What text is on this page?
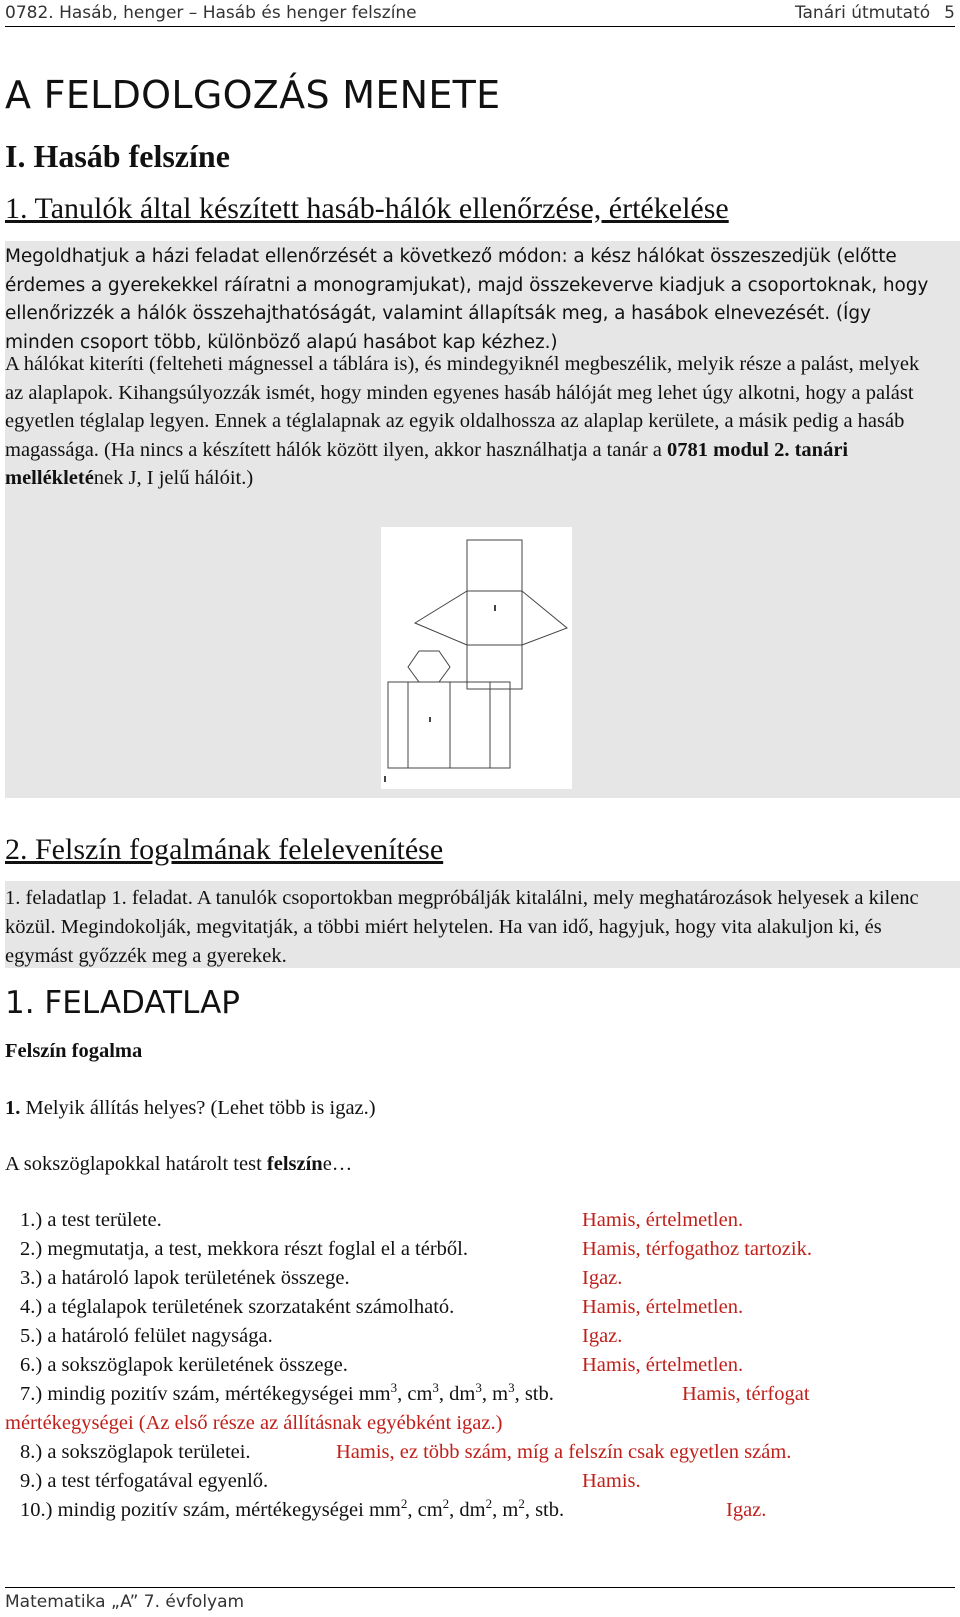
0782. Hasáb, henger – Hasáb és henger felszíne	Tanári útmutató 5
A FELDOLGOZÁS MENETE
I. Hasáb felszíne
1. Tanulók által készített hasáb-hálók ellenőrzése, értékelése
Megoldhatjuk a házi feladat ellenőrzését a következő módon: a kész hálókat összeszedjük (előtte érdemes a gyerekekkel ráíratni a monogramjukat), majd összekeverve kiadjuk a csoportoknak, hogy ellenőrizzék a hálók összehajthatóságát, valamint állapítsák meg, a hasábok elnevezését. (Így minden csoport több, különböző alapú hasábot kap kézhez.)
A hálókat kiteríti (felteheti mágnessel a táblára is), és mindegyiknél megbeszélik, melyik része a palást, melyek az alaplapok. Kihangsúlyozzák ismét, hogy minden egyenes hasáb hálóját meg lehet úgy alkotni, hogy a palást egyetlen téglalap legyen. Ennek a téglalapnak az egyik oldalhossza az alaplap kerülete, a másik pedig a hasáb magassága. (Ha nincs a készített hálók között ilyen, akkor használhatja a tanár a 0781 modul 2. tanári mellékletének J, I jelű hálóit.)
2. Felszín fogalmának felelevenítése
1. feladatlap 1. feladat. A tanulók csoportokban megpróbálják kitalálni, mely meghatározások helyesek a kilenc közül. Megindokolják, megvitatják, a többi miért helytelen. Ha van idő, hagyjuk, hogy vita alakuljon ki, és egymást győzzék meg a gyerekek.
1. FELADATLAP
Felszín fogalma
1. Melyik állítás helyes? (Lehet több is igaz.)
A sokszöglapokkal határolt test felszíne…
1.) a test területe.	Hamis, értelmetlen.
2.) megmutatja, a test, mekkora részt foglal el a térből.	Hamis, térfogathoz tartozik.
3.) a határoló lapok területének összege.	Igaz.
4.) a téglalapok területének szorzataként számolható.	Hamis, értelmetlen.
5.) a határoló felület nagysága.	Igaz.
6.) a sokszöglapok kerületének összege.	Hamis, értelmetlen.
7.) mindig pozitív szám, mértékegységei $mm^3$, $cm^3$, $dm^3$, $m^3$, stb.	Hamis, térfogat
mértékegységei (Az első része az állításnak egyébként igaz.)
8.) a sokszöglapok területei.	Hamis, ez több szám, míg a felszín csak egyetlen szám.
9.) a test térfogatával egyenlő.	Hamis.
10.) mindig pozitív szám, mértékegységei $mm^2$, $cm^2$, $dm^2$, $m^2$, stb.	Igaz.
Matematika „A” 7. évfolyam
